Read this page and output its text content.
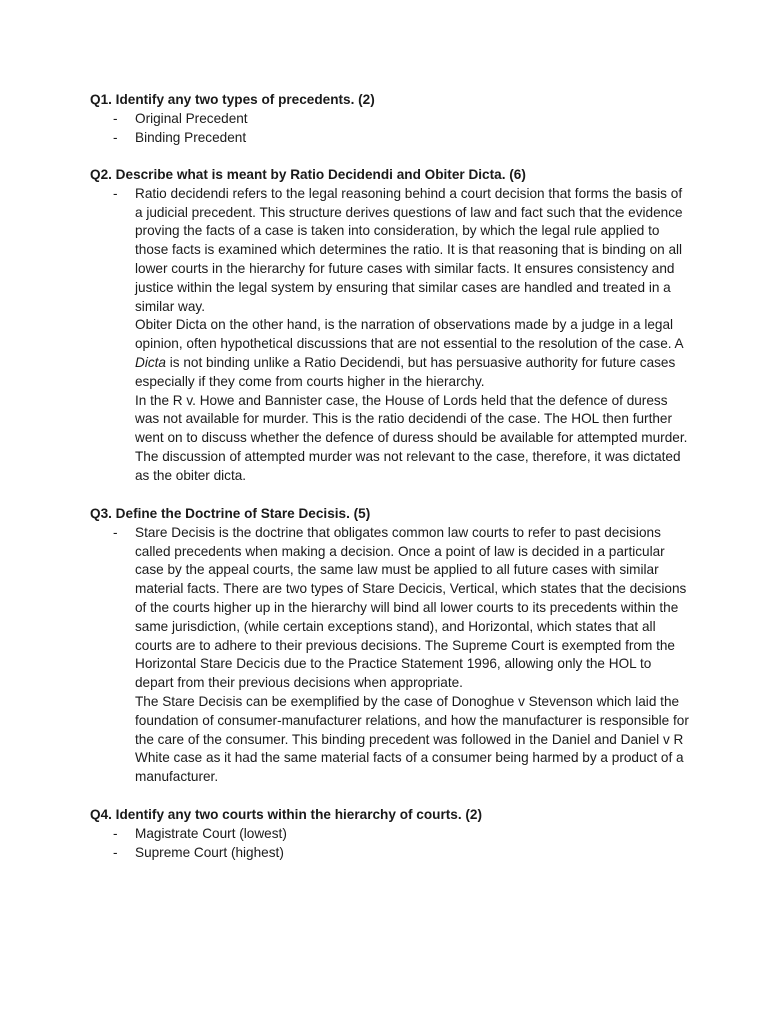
Q1. Identify any two types of precedents. (2)

- Original Precedent
- Binding Precedent

Q2. Describe what is meant by Ratio Decidendi and Obiter Dicta. (6)

- Ratio decidendi refers to the legal reasoning behind a court decision that forms the basis of a judicial precedent. This structure derives questions of law and fact such that the evidence proving the facts of a case is taken into consideration, by which the legal rule applied to those facts is examined which determines the ratio. It is that reasoning that is binding on all lower courts in the hierarchy for future cases with similar facts. It ensures consistency and justice within the legal system by ensuring that similar cases are handled and treated in a similar way.

Obiter Dicta on the other hand, is the narration of observations made by a judge in a legal opinion, often hypothetical discussions that are not essential to the resolution of the case. A Dicta is not binding unlike a Ratio Decidendi, but has persuasive authority for future cases especially if they come from courts higher in the hierarchy.

In the R v. Howe and Bannister case, the House of Lords held that the defence of duress was not available for murder. This is the ratio decidendi of the case. The HOL then further went on to discuss whether the defence of duress should be available for attempted murder. The discussion of attempted murder was not relevant to the case, therefore, it was dictated as the obiter dicta.

Q3. Define the Doctrine of Stare Decisis. (5)

- Stare Decisis is the doctrine that obligates common law courts to refer to past decisions called precedents when making a decision. Once a point of law is decided in a particular case by the appeal courts, the same law must be applied to all future cases with similar material facts. There are two types of Stare Decicis, Vertical, which states that the decisions of the courts higher up in the hierarchy will bind all lower courts to its precedents within the same jurisdiction, (while certain exceptions stand), and Horizontal, which states that all courts are to adhere to their previous decisions. The Supreme Court is exempted from the Horizontal Stare Decicis due to the Practice Statement 1996, allowing only the HOL to depart from their previous decisions when appropriate.

The Stare Decisis can be exemplified by the case of Donoghue v Stevenson which laid the foundation of consumer-manufacturer relations, and how the manufacturer is responsible for the care of the consumer. This binding precedent was followed in the Daniel and Daniel v R White case as it had the same material facts of a consumer being harmed by a product of a manufacturer.

Q4. Identify any two courts within the hierarchy of courts. (2)

- Magistrate Court (lowest)
- Supreme Court (highest)
